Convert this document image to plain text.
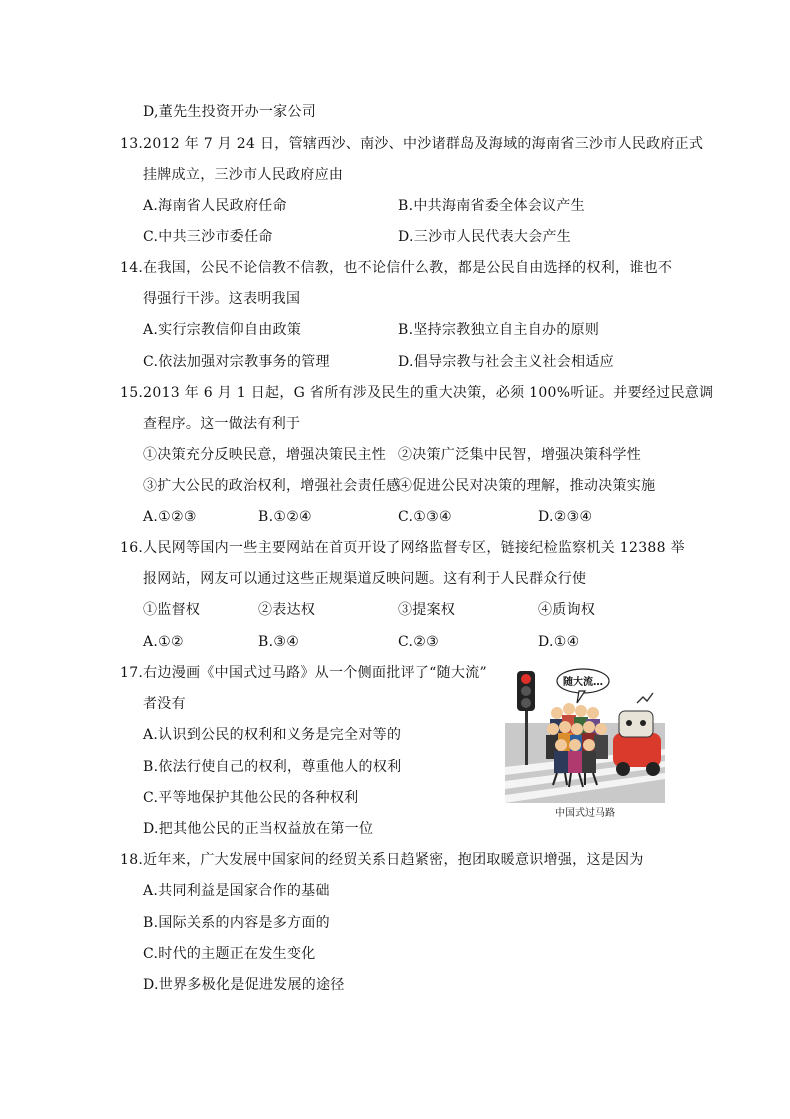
D,董先生投资开办一家公司
13.2012 年 7 月 24 日，管辖西沙、南沙、中沙诸群岛及海域的海南省三沙市人民政府正式
挂牌成立，三沙市人民政府应由
A.海南省人民政府任命	B.中共海南省委全体会议产生
C.中共三沙市委任命	D.三沙市人民代表大会产生
14.在我国，公民不论信教不信教，也不论信什么教，都是公民自由选择的权利，谁也不
得强行干涉。这表明我国
A.实行宗教信仰自由政策	B.坚持宗教独立自主自办的原则
C.依法加强对宗教事务的管理	D.倡导宗教与社会主义社会相适应
15.2013 年 6 月 1 日起，G 省所有涉及民生的重大决策，必须 100%听证。并要经过民意调
查程序。这一做法有利于
①决策充分反映民意，增强决策民主性 ②决策广泛集中民智，增强决策科学性
③扩大公民的政治权利，增强社会责任感
④促进公民对决策的理解，推动决策实施
A.①②③	B.①②④	C.①③④	D.②③④
16.人民网等国内一些主要网站在首页开设了网络监督专区，链接纪检监察机关 12388 举
报网站，网友可以通过这些正规渠道反映问题。这有利于人民群众行使
①监督权	②表达权	③提案权	④质询权
A.①②	B.③④	C.②③	D.①④
17.右边漫画《中国式过马路》从一个侧面批评了“随大流”
者没有
A.认识到公民的权利和义务是完全对等的
B.依法行使自己的权利，尊重他人的权利
C.平等地保护其他公民的各种权利
D.把其他公民的正当权益放在第一位
随大流…
中国式过马路
18.近年来，广大发展中国家间的经贸关系日趋紧密，抱团取暖意识增强，这是因为
A.共同利益是国家合作的基础
B.国际关系的内容是多方面的
C.时代的主题正在发生变化
D.世界多极化是促进发展的途径
